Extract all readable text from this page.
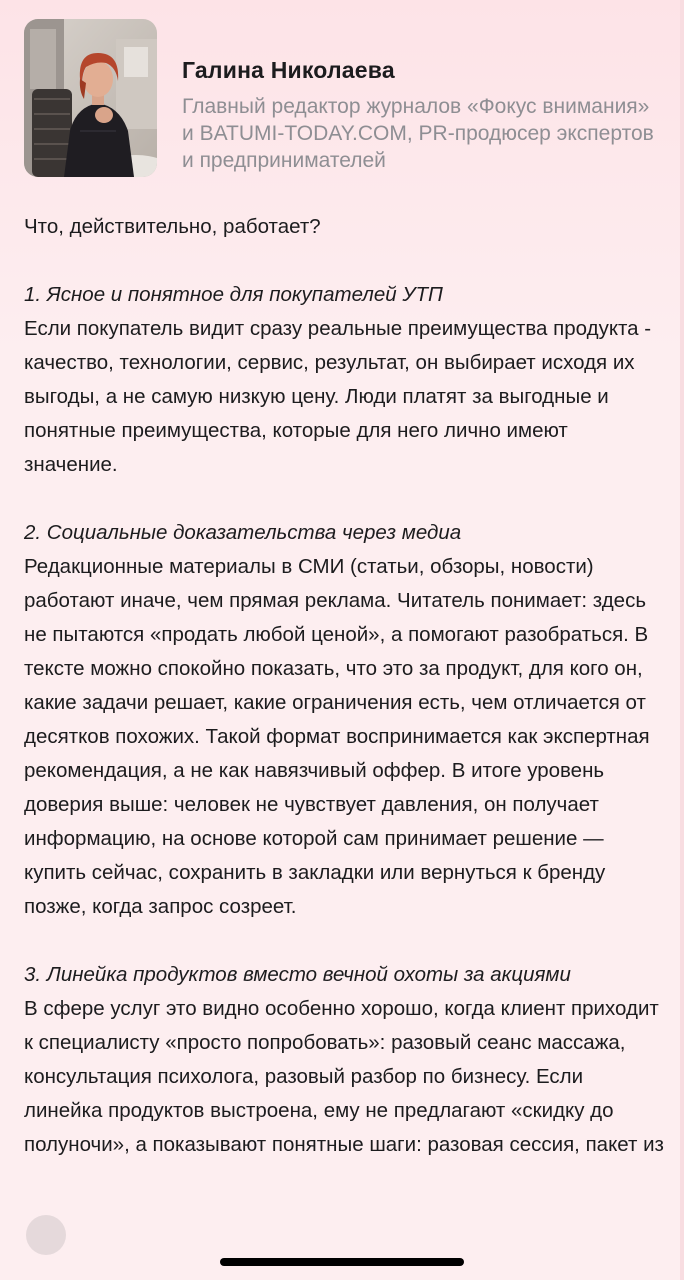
Галина Николаева
Главный редактор журналов «Фокус внимания» и BATUMI-TODAY.COM, PR-продюсер экспертов и предпринимателей

Что, действительно, работает?

1. Ясное и понятное для покупателей УТП

Если покупатель видит сразу реальные преимущества продукта - качество, технологии, сервис, результат, он выбирает исходя их выгоды, а не самую низкую цену. Люди платят за выгодные и понятные преимущества, которые для него лично имеют значение.

2. Социальные доказательства через медиа

Редакционные материалы в СМИ (статьи, обзоры, новости) работают иначе, чем прямая реклама. Читатель понимает: здесь не пытаются «продать любой ценой», а помогают разобраться. В тексте можно спокойно показать, что это за продукт, для кого он, какие задачи решает, какие ограничения есть, чем отличается от десятков похожих. Такой формат воспринимается как экспертная рекомендация, а не как навязчивый оффер. В итоге уровень доверия выше: человек не чувствует давления, он получает информацию, на основе которой сам принимает решение — купить сейчас, сохранить в закладки или вернуться к бренду позже, когда запрос созреет.

3. Линейка продуктов вместо вечной охоты за акциями

В сфере услуг это видно особенно хорошо, когда клиент приходит к специалисту «просто попробовать»: разовый сеанс массажа, консультация психолога, разовый разбор по бизнесу. Если линейка продуктов выстроена, ему не предлагают «скидку до полуночи», а показывают понятные шаги: разовая сессия, пакет из
